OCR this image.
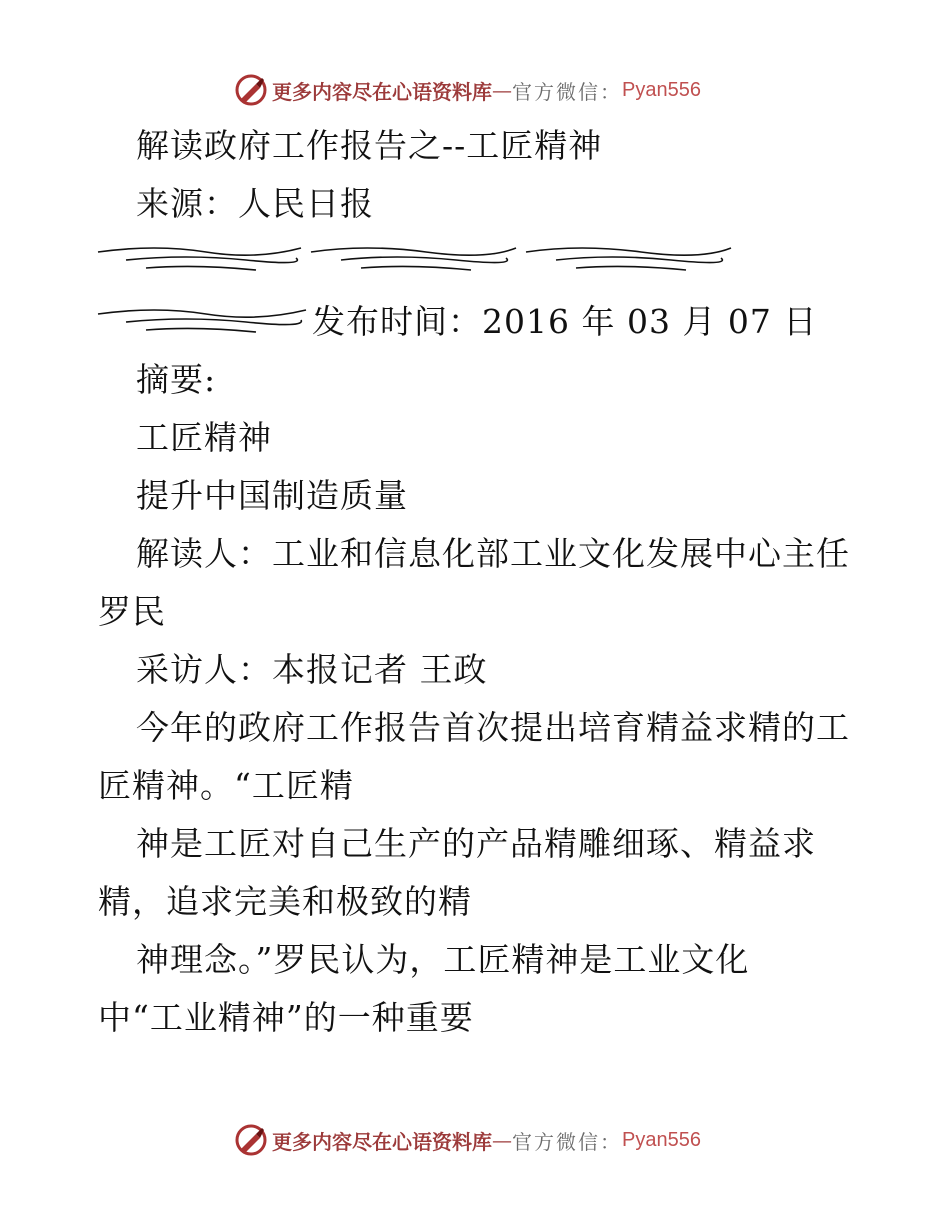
更多内容尽在心语资料库 — 官方微信： Pyan556
解读政府工作报告之--工匠精神
来源：人民日报
发布时间：2016 年 03 月 07 日
摘要:
工匠精神
提升中国制造质量
解读人：工业和信息化部工业文化发展中心主任
罗民
采访人：本报记者 王政
今年的政府工作报告首次提出培育精益求精的工
匠精神。“工匠精
神是工匠对自己生产的产品精雕细琢、精益求
精，追求完美和极致的精
神理念。”罗民认为，工匠精神是工业文化
中“工业精神”的一种重要
更多内容尽在心语资料库 — 官方微信： Pyan556
